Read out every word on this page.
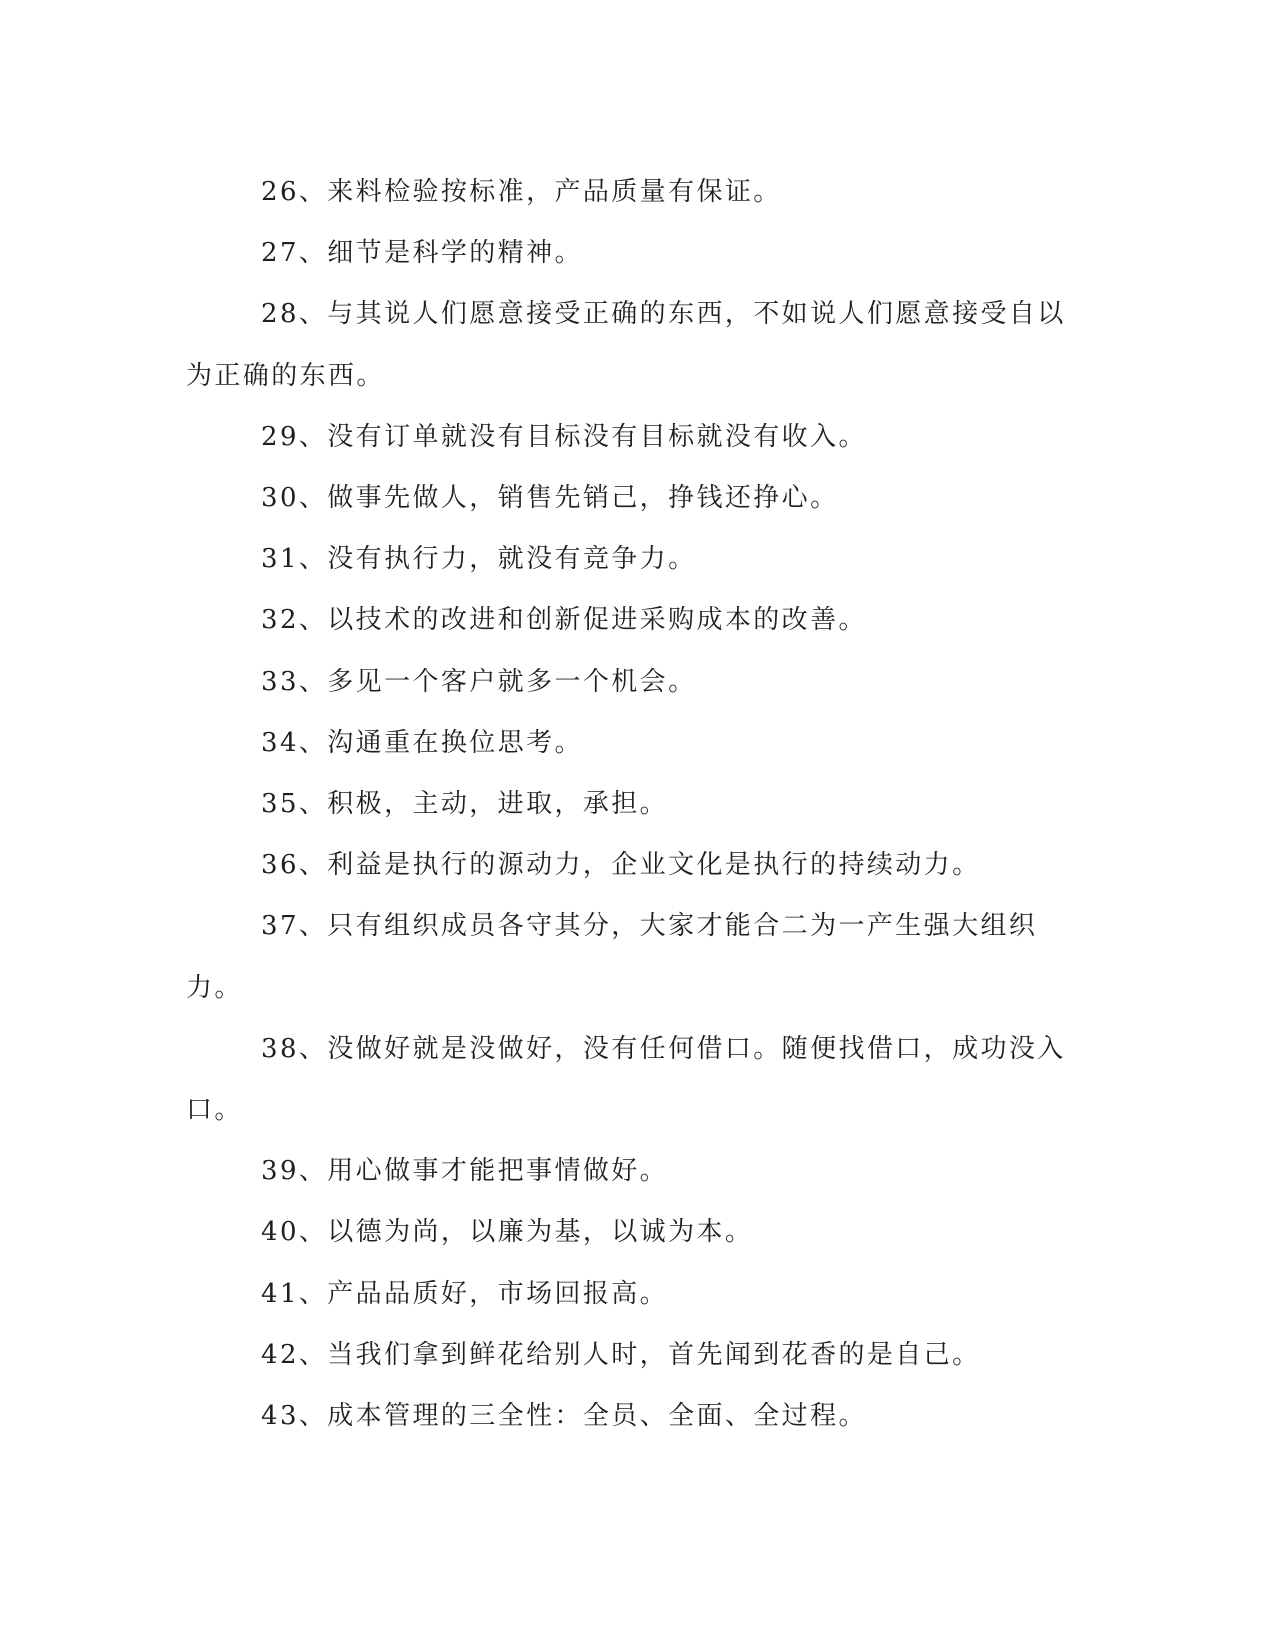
26、来料检验按标准，产品质量有保证。

27、细节是科学的精神。

28、与其说人们愿意接受正确的东西，不如说人们愿意接受自以为正确的东西。

29、没有订单就没有目标没有目标就没有收入。

30、做事先做人，销售先销己，挣钱还挣心。

31、没有执行力，就没有竞争力。

32、以技术的改进和创新促进采购成本的改善。

33、多见一个客户就多一个机会。

34、沟通重在换位思考。

35、积极，主动，进取，承担。

36、利益是执行的源动力，企业文化是执行的持续动力。

37、只有组织成员各守其分，大家才能合二为一产生强大组织力。

38、没做好就是没做好，没有任何借口。随便找借口，成功没入口。

39、用心做事才能把事情做好。

40、以德为尚，以廉为基，以诚为本。

41、产品品质好，市场回报高。

42、当我们拿到鲜花给别人时，首先闻到花香的是自己。

43、成本管理的三全性：全员、全面、全过程。
